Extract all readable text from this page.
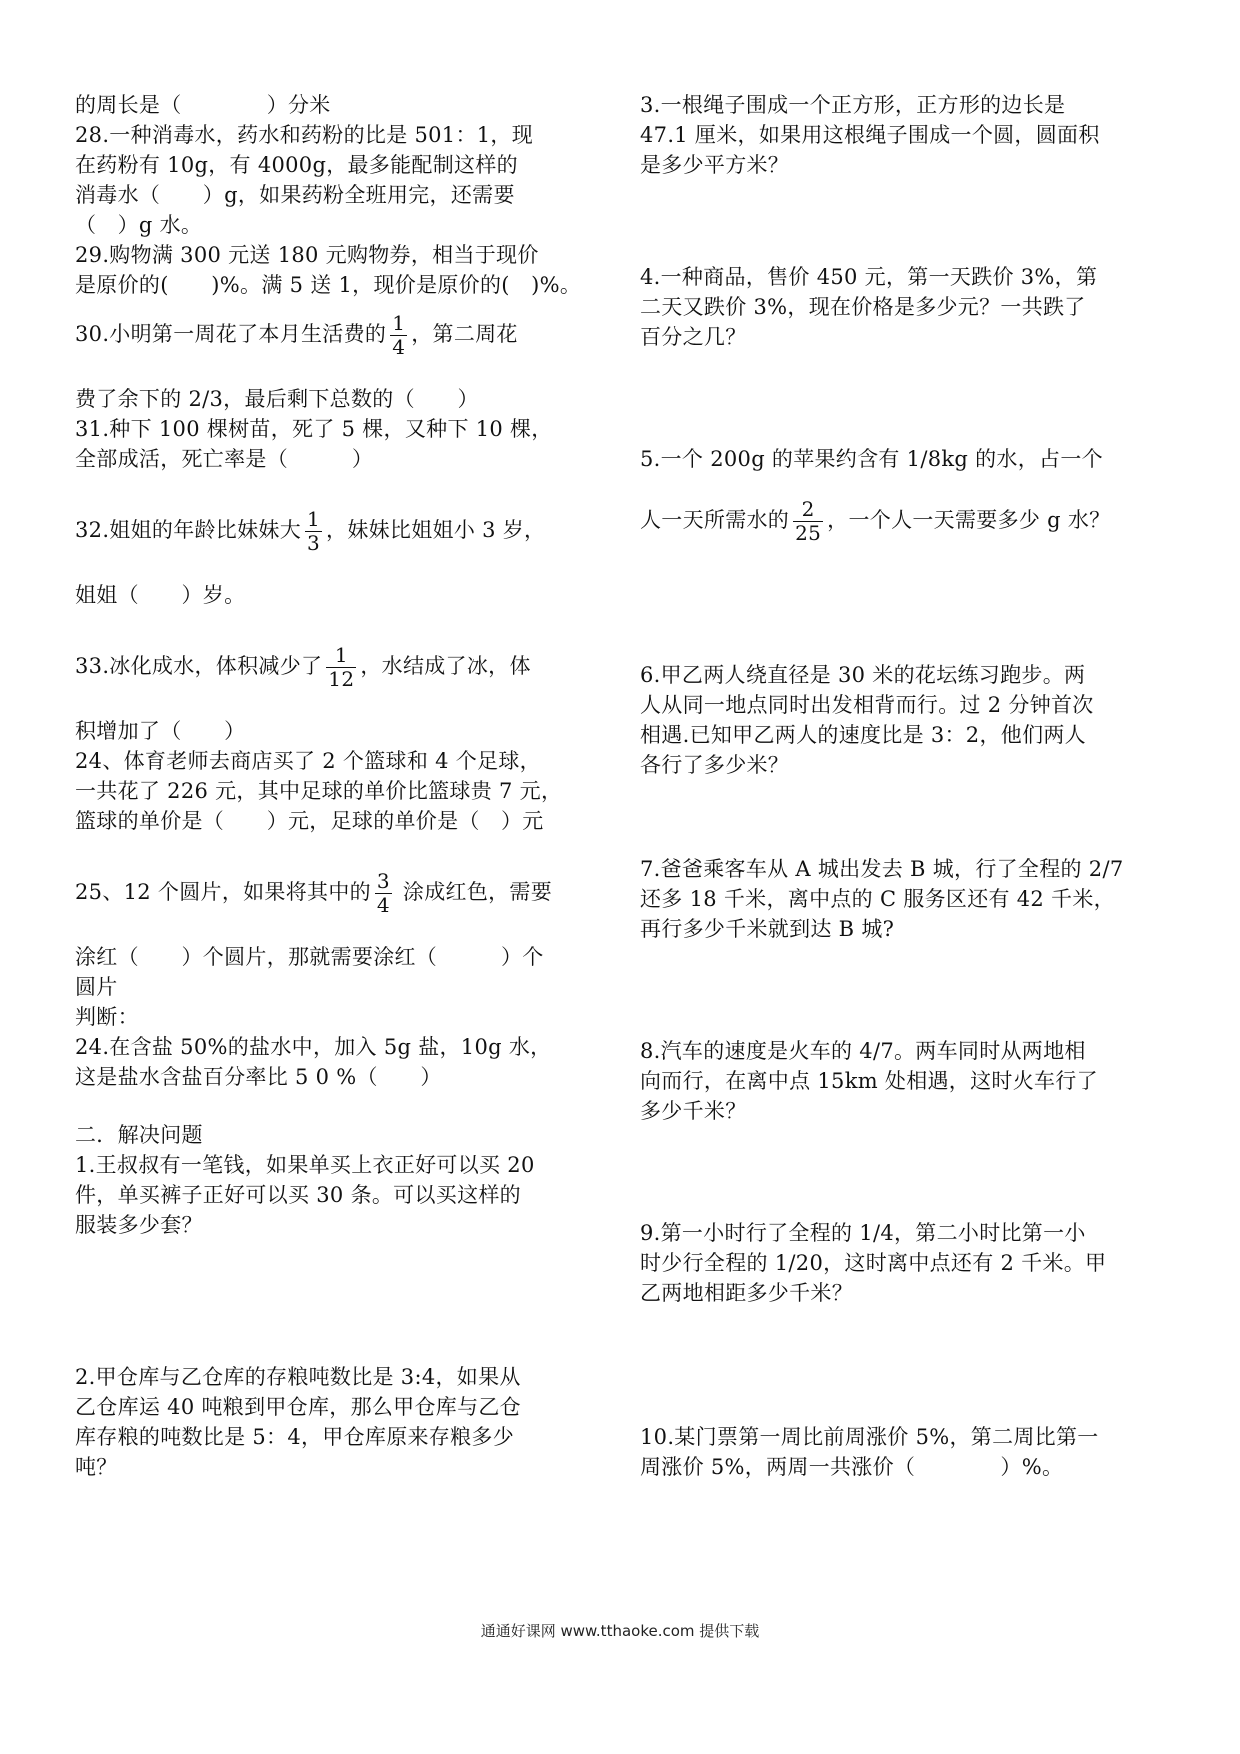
的周长是（　　　　）分米
28.一种消毒水，药水和药粉的比是 501：1，现
在药粉有 10g，有 4000g，最多能配制这样的
消毒水（　　）g，如果药粉全班用完，还需要
（　）g 水。
29.购物满 300 元送 180 元购物券，相当于现价
是原价的(　　)%。满 5 送 1，现价是原价的(　)%。
30.小明第一周花了本月生活费的 $\frac{1}{4}$ ，第二周花
费了余下的 2/3，最后剩下总数的（　　）
31.种下 100 棵树苗，死了 5 棵，又种下 10 棵，
全部成活，死亡率是（　　　）
32.姐姐的年龄比妹妹大 $\frac{1}{3}$ ，妹妹比姐姐小 3 岁，
姐姐（　　）岁。
33.冰化成水，体积减少了 $\frac{1}{12}$ ，水结成了冰，体
积增加了（　　）
24、体育老师去商店买了 2 个篮球和 4 个足球，
一共花了 226 元，其中足球的单价比篮球贵 7 元，
篮球的单价是（　　）元，足球的单价是（　）元
25、12 个圆片，如果将其中的 $\frac{3}{4}$ 涂成红色，需要
涂红（　　）个圆片，那就需要涂红（　　　）个
圆片
判断：
24.在含盐 50%的盐水中，加入 5g 盐，10g 水，
这是盐水含盐百分率比 5 0 %（　　）
二．解决问题
1.王叔叔有一笔钱，如果单买上衣正好可以买 20
件，单买裤子正好可以买 30 条。可以买这样的
服装多少套？
2.甲仓库与乙仓库的存粮吨数比是 3:4，如果从
乙仓库运 40 吨粮到甲仓库，那么甲仓库与乙仓
库存粮的吨数比是 5：4，甲仓库原来存粮多少
吨？
3.一根绳子围成一个正方形，正方形的边长是
47.1 厘米，如果用这根绳子围成一个圆，圆面积
是多少平方米？
4.一种商品，售价 450 元，第一天跌价 3%，第
二天又跌价 3%，现在价格是多少元？一共跌了
百分之几？
5.一个 200g 的苹果约含有 1/8kg 的水，占一个
人一天所需水的 $\frac{2}{25}$ ，一个人一天需要多少 g 水？
6.甲乙两人绕直径是 30 米的花坛练习跑步。两
人从同一地点同时出发相背而行。过 2 分钟首次
相遇.已知甲乙两人的速度比是 3：2，他们两人
各行了多少米？
7.爸爸乘客车从 A 城出发去 B 城，行了全程的 2/7
还多 18 千米，离中点的 C 服务区还有 42 千米，
再行多少千米就到达 B 城?
8.汽车的速度是火车的 4/7。两车同时从两地相
向而行，在离中点 15km 处相遇，这时火车行了
多少千米？
9.第一小时行了全程的 1/4，第二小时比第一小
时少行全程的 1/20，这时离中点还有 2 千米。甲
乙两地相距多少千米？
10.某门票第一周比前周涨价 5%，第二周比第一
周涨价 5%，两周一共涨价（　　　　）%。
通通好课网 www.tthaoke.com 提供下载
